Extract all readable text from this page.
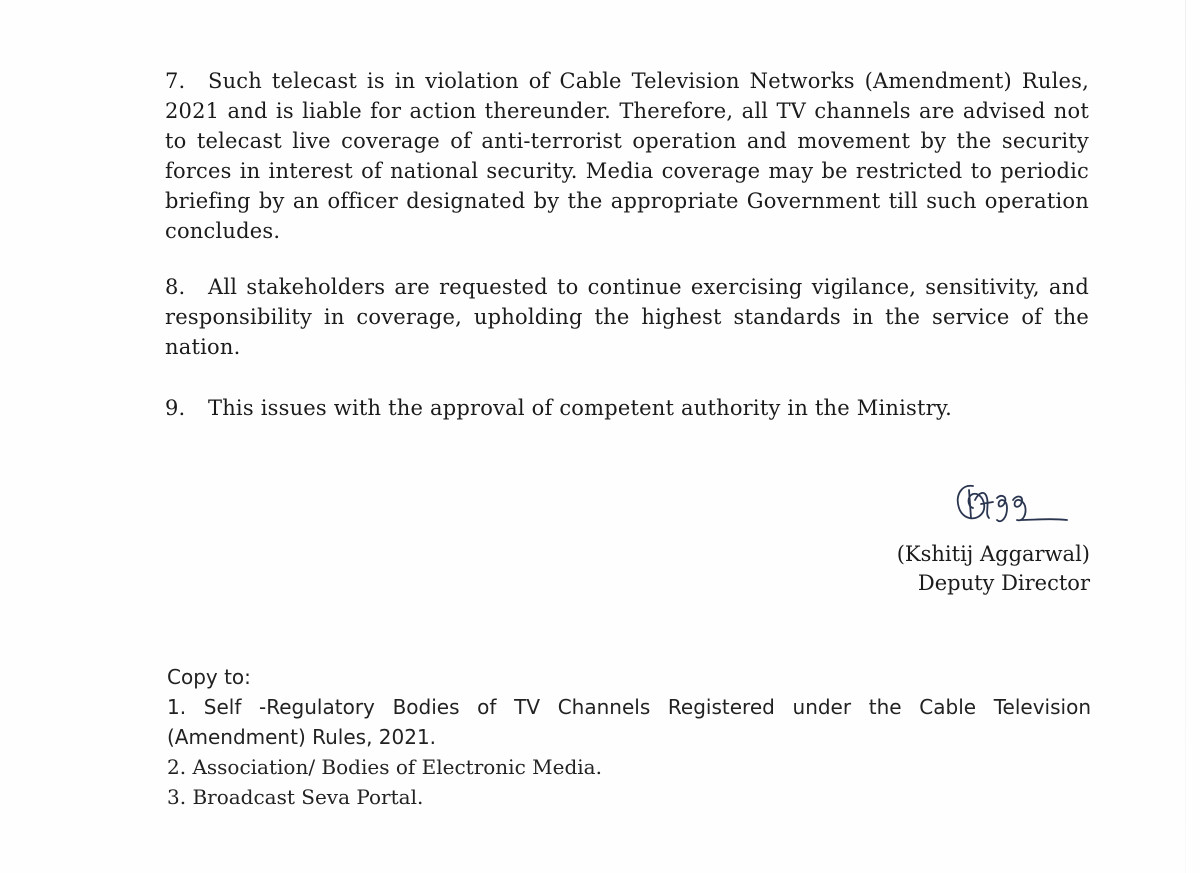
7. Such telecast is in violation of Cable Television Networks (Amendment) Rules, 2021 and is liable for action thereunder. Therefore, all TV channels are advised not to telecast live coverage of anti-terrorist operation and movement by the security forces in interest of national security. Media coverage may be restricted to periodic briefing by an officer designated by the appropriate Government till such operation concludes.

8. All stakeholders are requested to continue exercising vigilance, sensitivity, and responsibility in coverage, upholding the highest standards in the service of the nation.

9. This issues with the approval of competent authority in the Ministry.

(Kshitij Aggarwal)
Deputy Director
Copy to:
1. Self -Regulatory Bodies of TV Channels Registered under the Cable Television (Amendment) Rules, 2021.
2. Association/ Bodies of Electronic Media.
3. Broadcast Seva Portal.
